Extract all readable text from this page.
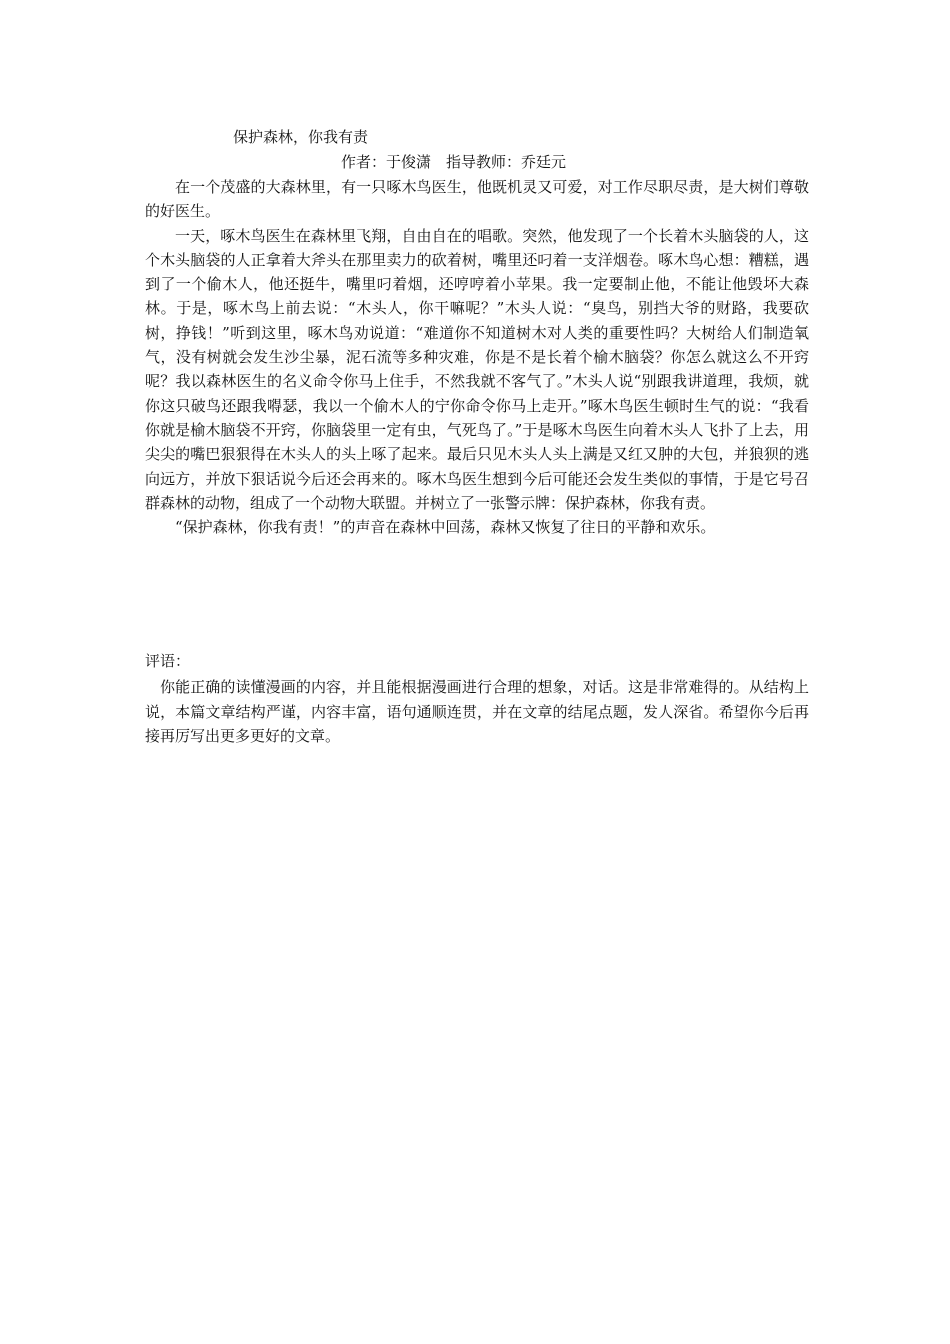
保护森林，你我有责
作者：于俊潇　指导教师：乔廷元

在一个茂盛的大森林里，有一只啄木鸟医生，他既机灵又可爱，对工作尽职尽责，是大树们尊敬的好医生。

一天，啄木鸟医生在森林里飞翔，自由自在的唱歌。突然，他发现了一个长着木头脑袋的人，这个木头脑袋的人正拿着大斧头在那里卖力的砍着树，嘴里还叼着一支洋烟卷。啄木鸟心想：糟糕，遇到了一个偷木人，他还挺牛，嘴里叼着烟，还哼哼着小苹果。我一定要制止他，不能让他毁坏大森林。于是，啄木鸟上前去说：“木头人，你干嘛呢？”木头人说：“臭鸟，别挡大爷的财路，我要砍树，挣钱！”听到这里，啄木鸟劝说道：“难道你不知道树木对人类的重要性吗？大树给人们制造氧气，没有树就会发生沙尘暴，泥石流等多种灾难，你是不是长着个榆木脑袋？你怎么就这么不开窍呢？我以森林医生的名义命令你马上住手，不然我就不客气了。”木头人说“别跟我讲道理，我烦，就你这只破鸟还跟我嘚瑟，我以一个偷木人的宁你命令你马上走开。”啄木鸟医生顿时生气的说：“我看你就是榆木脑袋不开窍，你脑袋里一定有虫，气死鸟了。”于是啄木鸟医生向着木头人飞扑了上去，用尖尖的嘴巴狠狠得在木头人的头上啄了起来。最后只见木头人头上满是又红又肿的大包，并狼狈的逃向远方，并放下狠话说今后还会再来的。啄木鸟医生想到今后可能还会发生类似的事情，于是它号召群森林的动物，组成了一个动物大联盟。并树立了一张警示牌：保护森林，你我有责。

“保护森林，你我有责！”的声音在森林中回荡，森林又恢复了往日的平静和欢乐。

评语：

你能正确的读懂漫画的内容，并且能根据漫画进行合理的想象，对话。这是非常难得的。从结构上说，本篇文章结构严谨，内容丰富，语句通顺连贯，并在文章的结尾点题，发人深省。希望你今后再接再厉写出更多更好的文章。
